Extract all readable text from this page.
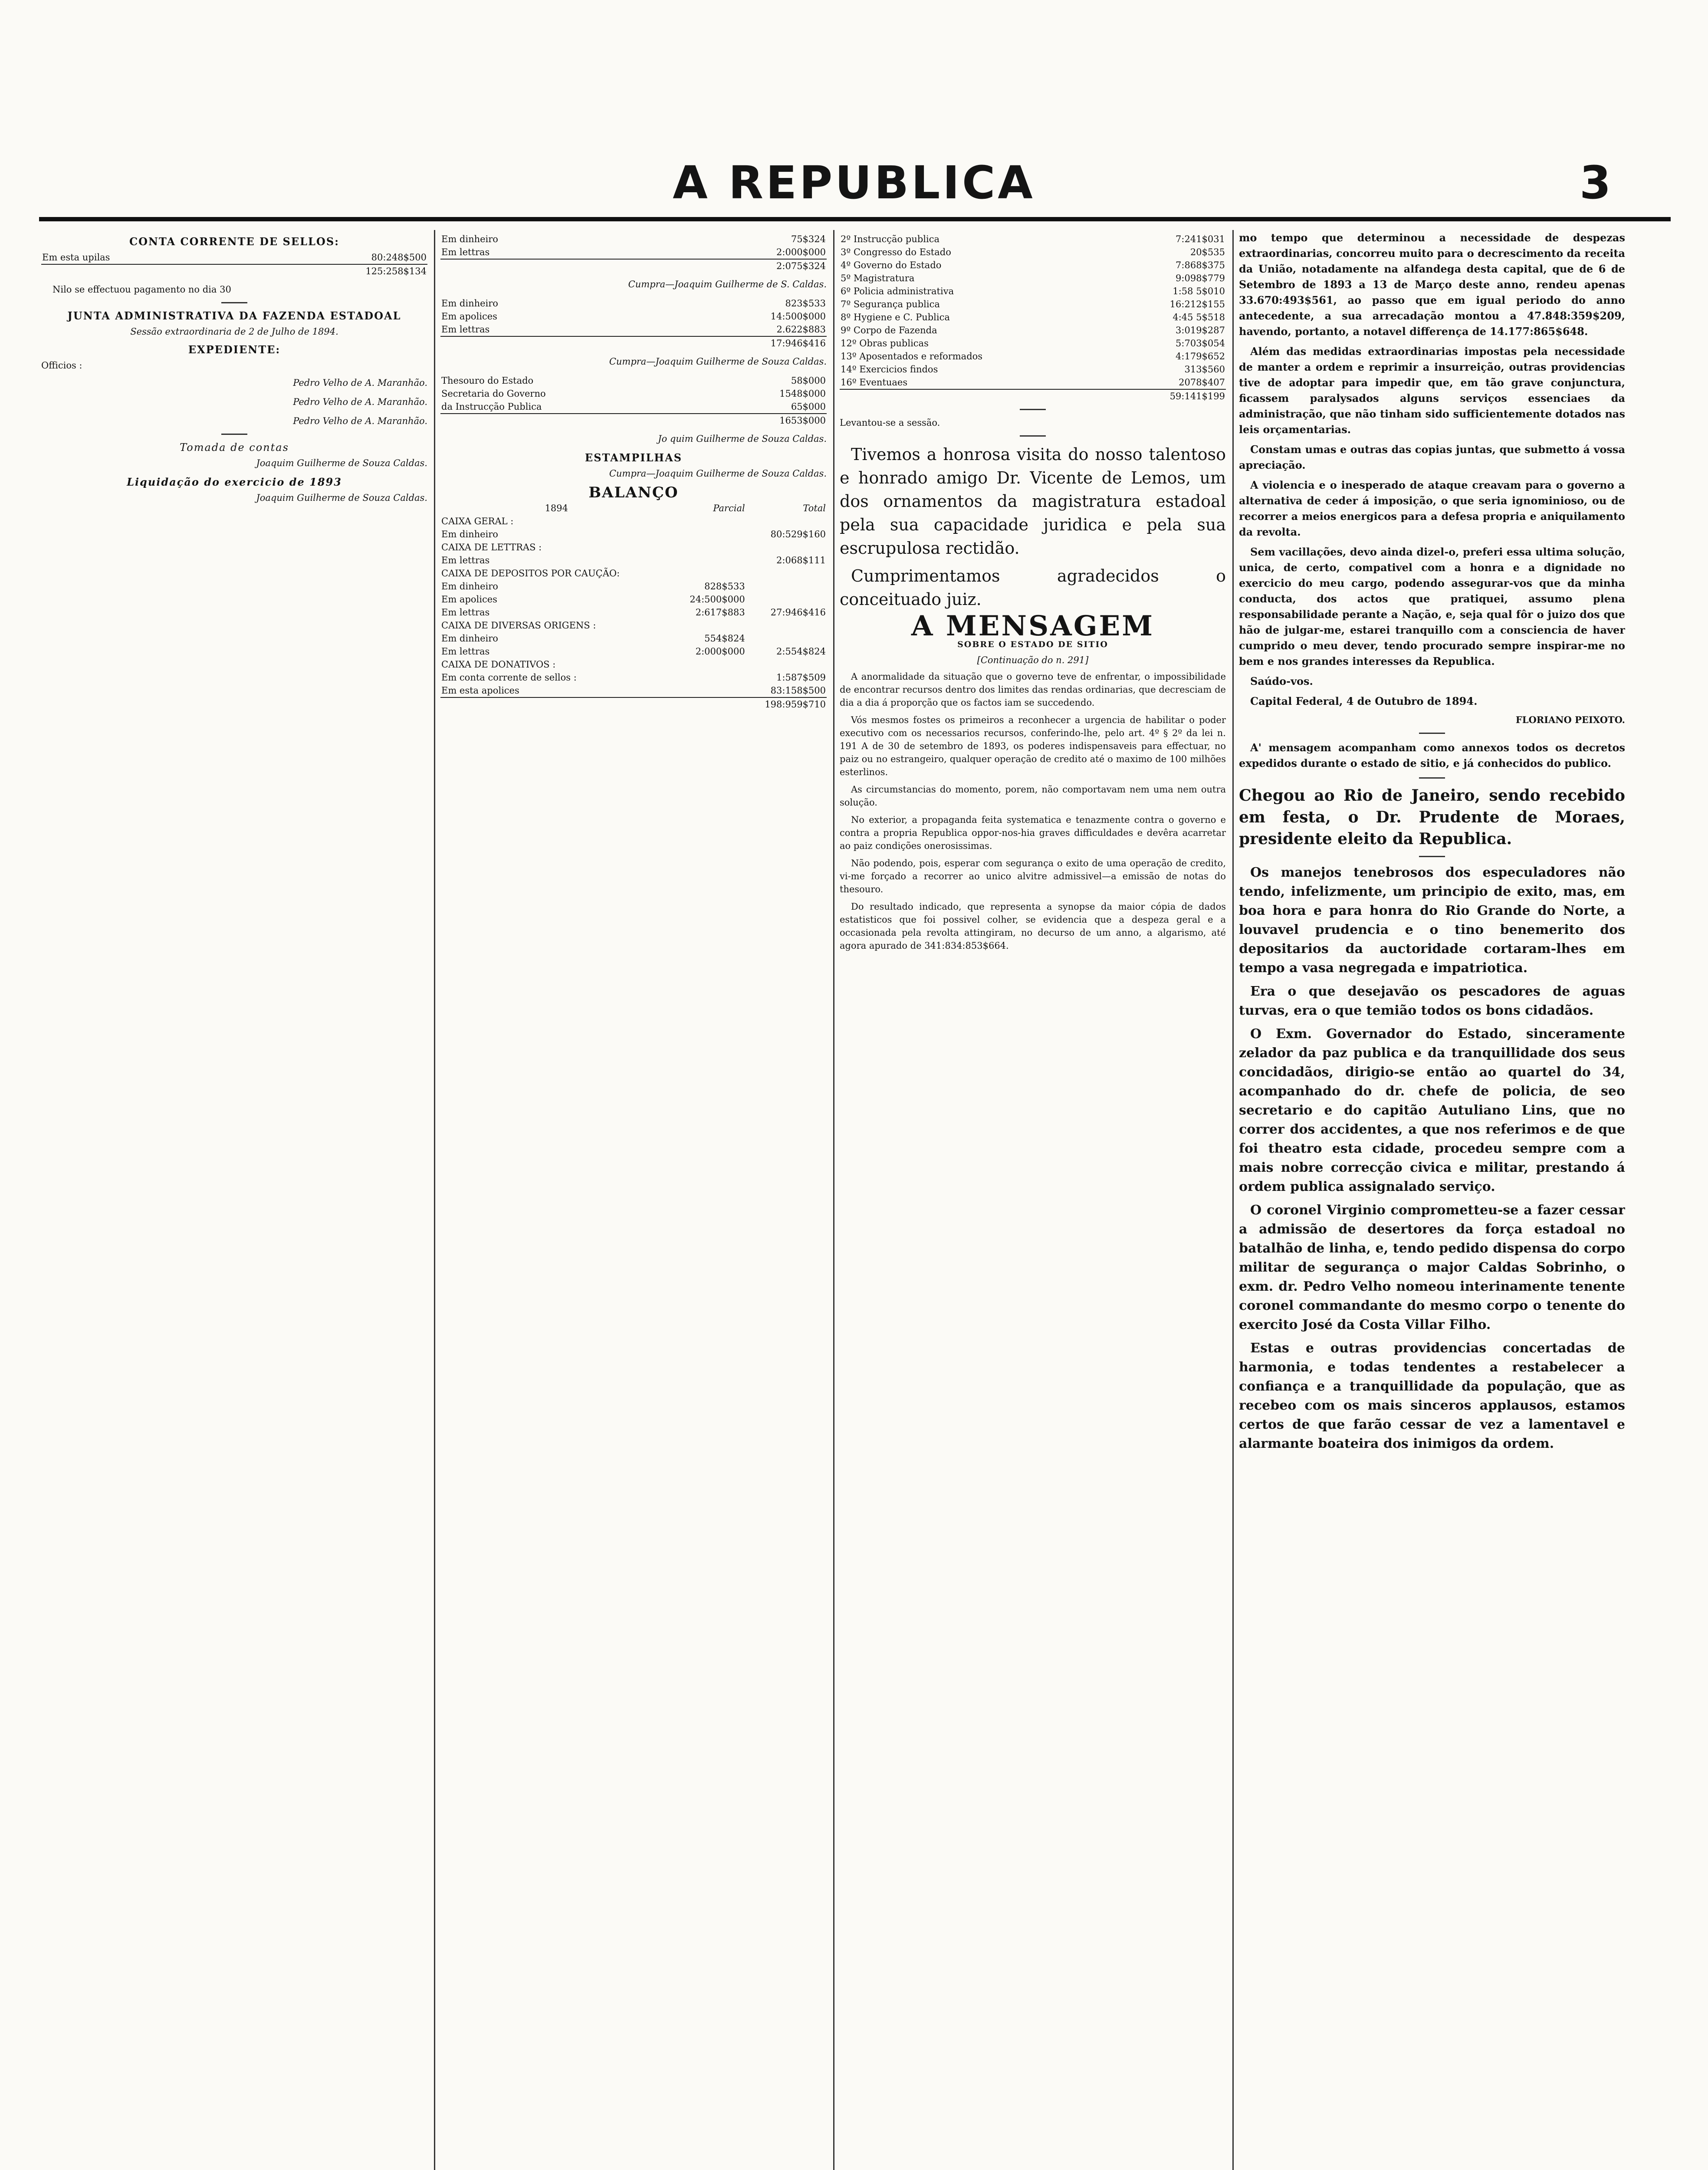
A REPUBLICA	3
CONTA CORRENTE DE SELLOS:
Em esta upilas	80:248$500
	125:258$134

Nilo se effectuou pagamento no dia 30

JUNTA ADMINISTRATIVA DA FAZENDA ESTADOAL
Sessão extraordinaria de 2 de Julho de 1894.
EXPEDIENTE:

Officios :

Pedro Velho de A. Maranhão.
Pedro Velho de A. Maranhão.
Pedro Velho de A. Maranhão.
Tomada de contas
Joaquim Guilherme de Souza Caldas.
Liquidação do exercicio de 1893
Joaquim Guilherme de Souza Caldas.
Em dinheiro	75$324
Em lettras	2:000$000
	2:075$324
Cumpra—Joaquim Guilherme de S. Caldas.
Em dinheiro	823$533
Em apolices	14:500$000
Em lettras	2.622$883
	17:946$416
Cumpra—Joaquim Guilherme de Souza Caldas.
Thesouro do Estado	58$000
Secretaria do Governo	1548$000
da Instrucção Publica	65$000
	1653$000
Jo quim Guilherme de Souza Caldas.
ESTAMPILHAS
Cumpra—Joaquim Guilherme de Souza Caldas.
BALANÇO
1894	Parcial	Total
CAIXA GERAL :		
Em dinheiro		80:529$160
CAIXA DE LETTRAS :		
Em lettras		2:068$111
CAIXA DE DEPOSITOS POR CAUÇÃO:		
Em dinheiro	828$533	
Em apolices	24:500$000	
Em lettras	2:617$883	27:946$416
CAIXA DE DIVERSAS ORIGENS :		
Em dinheiro	554$824	
Em lettras	2:000$000	2:554$824
CAIXA DE DONATIVOS :		
Em conta corrente de sellos :		1:587$509
Em esta apolices		83:158$500
		198:959$710
2º Instrucção publica	7:241$031
3º Congresso do Estado	20$535
4º Governo do Estado	7:868$375
5º Magistratura	9:098$779
6º Policia administrativa	1:58 5$010
7º Segurança publica	16:212$155
8º Hygiene e C. Publica	4:45 5$518
9º Corpo de Fazenda	3:019$287
12º Obras publicas	5:703$054
13º Aposentados e reformados	4:179$652
14º Exercicios findos	313$560
16º Eventuaes	2078$407
	59:141$199

Levantou-se a sessão.

Tivemos a honrosa visita do nosso talentoso e honrado amigo Dr. Vicente de Lemos, um dos ornamentos da magistratura estadoal pela sua capacidade juridica e pela sua escrupulosa rectidão.

Cumprimentamos agradecidos o conceituado juiz.

A MENSAGEM
SOBRE O ESTADO DE SITIO
[Continuação do n. 291]

A anormalidade da situação que o governo teve de enfrentar, o impossibilidade de encontrar recursos dentro dos limites das rendas ordinarias, que decresciam de dia a dia á proporção que os factos iam se succedendo.

Vós mesmos fostes os primeiros a reconhecer a urgencia de habilitar o poder executivo com os necessarios recursos, conferindo-lhe, pelo art. 4º § 2º da lei n. 191 A de 30 de setembro de 1893, os poderes indispensaveis para effectuar, no paiz ou no estrangeiro, qualquer operação de credito até o maximo de 100 milhões esterlinos.

As circumstancias do momento, porem, não comportavam nem uma nem outra solução.

No exterior, a propaganda feita systematica e tenazmente contra o governo e contra a propria Republica oppor-nos-hia graves difficuldades e devêra acarretar ao paiz condições onerosissimas.

Não podendo, pois, esperar com segurança o exito de uma operação de credito, vi-me forçado a recorrer ao unico alvitre admissivel—a emissão de notas do thesouro.

Do resultado indicado, que representa a synopse da maior cópia de dados estatisticos que foi possivel colher, se evidencia que a despeza geral e a occasionada pela revolta attingiram, no decurso de um anno, a algarismo, até agora apurado de 341:834:853$664.

mo tempo que determinou a necessidade de despezas extraordinarias, concorreu muito para o decrescimento da receita da União, notadamente na alfandega desta capital, que de 6 de Setembro de 1893 a 13 de Março deste anno, rendeu apenas 33.670:493$561, ao passo que em igual periodo do anno antecedente, a sua arrecadação montou a 47.848:359$209, havendo, portanto, a notavel differença de 14.177:865$648.

Além das medidas extraordinarias impostas pela necessidade de manter a ordem e reprimir a insurreição, outras providencias tive de adoptar para impedir que, em tão grave conjunctura, ficassem paralysados alguns serviços essenciaes da administração, que não tinham sido sufficientemente dotados nas leis orçamentarias.

Constam umas e outras das copias juntas, que submetto á vossa apreciação.

A violencia e o inesperado de ataque creavam para o governo a alternativa de ceder á imposição, o que seria ignominioso, ou de recorrer a meios energicos para a defesa propria e aniquilamento da revolta.

Sem vacillações, devo ainda dizel-o, preferi essa ultima solução, unica, de certo, compativel com a honra e a dignidade no exercicio do meu cargo, podendo assegurar-vos que da minha conducta, dos actos que pratiquei, assumo plena responsabilidade perante a Nação, e, seja qual fôr o juizo dos que hão de julgar-me, estarei tranquillo com a consciencia de haver cumprido o meu dever, tendo procurado sempre inspirar-me no bem e nos grandes interesses da Republica.

Saúdo-vos.

Capital Federal, 4 de Outubro de 1894.

FLORIANO PEIXOTO.

A' mensagem acompanham como annexos todos os decretos expedidos durante o estado de sitio, e já conhecidos do publico.

Chegou ao Rio de Janeiro, sendo recebido em festa, o Dr. Prudente de Moraes, presidente eleito da Republica.

Os manejos tenebrosos dos especuladores não tendo, infelizmente, um principio de exito, mas, em boa hora e para honra do Rio Grande do Norte, a louvavel prudencia e o tino benemerito dos depositarios da auctoridade cortaram-lhes em tempo a vasa negregada e impatriotica.

Era o que desejavão os pescadores de aguas turvas, era o que temião todos os bons cidadãos.

O Exm. Governador do Estado, sinceramente zelador da paz publica e da tranquillidade dos seus concidadãos, dirigio-se então ao quartel do 34, acompanhado do dr. chefe de policia, de seo secretario e do capitão Autuliano Lins, que no correr dos accidentes, a que nos referimos e de que foi theatro esta cidade, procedeu sempre com a mais nobre correcção civica e militar, prestando á ordem publica assignalado serviço.

O coronel Virginio comprometteu-se a fazer cessar a admissão de desertores da força estadoal no batalhão de linha, e, tendo pedido dispensa do corpo militar de segurança o major Caldas Sobrinho, o exm. dr. Pedro Velho nomeou interinamente tenente coronel commandante do mesmo corpo o tenente do exercito José da Costa Villar Filho.

Estas e outras providencias concertadas de harmonia, e todas tendentes a restabelecer a confiança e a tranquillidade da população, que as recebeo com os mais sinceros applausos, estamos certos de que farão cessar de vez a lamentavel e alarmante boateira dos inimigos da ordem.
